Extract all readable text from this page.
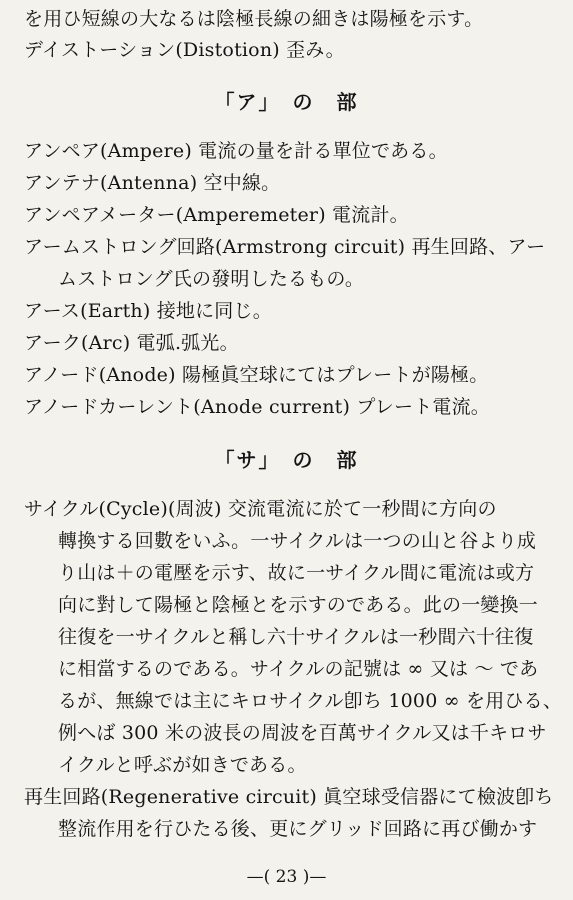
を用ひ短線の大なるは陰極長線の細きは陽極を示す。
デイストーション(Distotion) 歪み。
「ア」　の　部
アンペア(Ampere) 電流の量を計る單位である。
アンテナ(Antenna) 空中線。
アンペアメーター(Amperemeter) 電流計。
アームストロング回路(Armstrong circuit) 再生回路、アー
ムストロング氏の發明したるもの。
アース(Earth) 接地に同じ。
アーク(Arc) 電弧.弧光。
アノード(Anode) 陽極眞空球にてはプレートが陽極。
アノードカーレント(Anode current) プレート電流。
「サ」　の　部
サイクル(Cycle)(周波) 交流電流に於て一秒間に方向の
轉換する回數をいふ。一サイクルは一つの山と谷より成
り山は＋の電壓を示す、故に一サイクル間に電流は或方
向に對して陽極と陰極とを示すのである。此の一變換一
往復を一サイクルと稱し六十サイクルは一秒間六十往復
に相當するのである。サイクルの記號は ∞ 又は ～ であ
るが、無線では主にキロサイクル卽ち 1000 ∞ を用ひる、
例へば 300 米の波長の周波を百萬サイクル又は千キロサ
イクルと呼ぶが如きである。
再生回路(Regenerative circuit) 眞空球受信器にて檢波卽ち
整流作用を行ひたる後、更にグリッド回路に再び働かす
—( 23 )—
